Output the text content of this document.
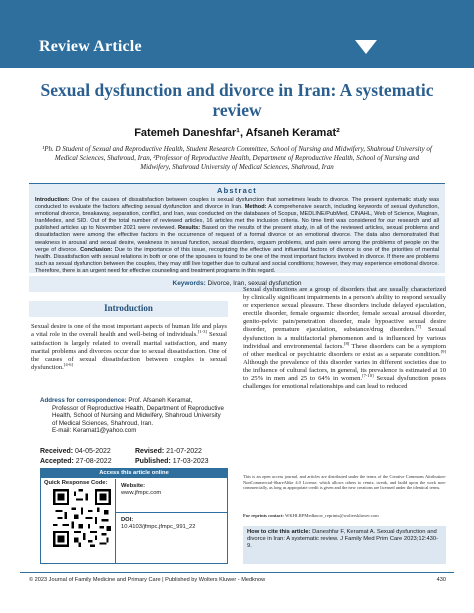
Review Article
Sexual dysfunction and divorce in Iran: A systematic review
Fatemeh Daneshfar¹, Afsaneh Keramat²
¹Ph. D Student of Sexual and Reproductive Health, Student Research Committee, School of Nursing and Midwifery, Shahroud University of Medical Sciences, Shahroud, Iran, ²Professor of Reproductive Health, Department of Reproductive Health, School of Nursing and Midwifery, Shahroud University of Medical Sciences, Shahroud, Iran
Abstract
Introduction: One of the causes of dissatisfaction between couples is sexual dysfunction that sometimes leads to divorce. The present systematic study was conducted to evaluate the factors affecting sexual dysfunction and divorce in Iran. Method: A comprehensive search, including keywords of sexual dysfunction, emotional divorce, breakaway, separation, conflict, and Iran, was conducted on the databases of Scopus, MEDLINE/PubMed, CINAHL, Web of Science, Magiran, IranMedex, and SID. Out of the total number of reviewed articles, 16 articles met the inclusion criteria. No time limit was considered for our research and all published articles up to November 2021 were reviewed. Results: Based on the results of the present study, in all of the reviewed articles, sexual problems and dissatisfaction were among the effective factors in the occurrence of request of a formal divorce or an emotional divorce. The data also demonstrated that weakness in arousal and sexual desire, weakness in sexual function, sexual disorders, orgasm problems, and pain were among the problems of people on the verge of divorce. Conclusion: Due to the importance of this issue, recognizing the effective and influential factors of divorce is one of the priorities of mental health. Dissatisfaction with sexual relations in both or one of the spouses is found to be one of the most important factors involved in divorce. If there are problems such as sexual dysfunction between the couples, they may still live together due to cultural and social conditions; however, they may experience emotional divorce. Therefore, there is an urgent need for effective counseling and treatment programs in this regard.
Keywords: Divorce, Iran, sexual dysfunction
Introduction
Sexual desire is one of the most important aspects of human life and plays a vital role in the overall health and well-being of individuals.[1-3] Sexual satisfaction is largely related to overall marital satisfaction, and many marital problems and divorces occur due to sexual dissatisfaction. One of the causes of sexual dissatisfaction between couples is sexual dysfunction.[4-6]
Sexual dysfunctions are a group of disorders that are usually characterized by clinically significant impairments in a person's ability to respond sexually or experience sexual pleasure. These disorders include delayed ejaculation, erectile disorder, female orgasmic disorder, female sexual arousal disorder, genito-pelvic pain/penetration disorder, male hypoactive sexual desire disorder, premature ejaculation, substance/drug disorders.[7] Sexual dysfunction is a multifactorial phenomenon and is influenced by various individual and environmental factors.[8] These disorders can be a symptom of other medical or psychiatric disorders or exist as a separate condition.[9] Although the prevalence of this disorder varies in different societies due to the influence of cultural factors, in general, its prevalence is estimated at 10 to 25% in men and 25 to 64% in women.[7-10] Sexual dysfunction poses challenges for emotional relationships and can lead to reduced
Address for correspondence: Prof. Afsaneh Keramat,
Professor of Reproductive Health, Department of Reproductive Health, School of Nursing and Midwifery, Shahroud University of Medical Sciences, Shahroud, Iran.
E-mail: Keramat1@yahoo.com
Received: 04-05-2022	Revised: 21-07-2022
Accepted: 27-08-2022	Published: 17-03-2023
Access this article online
Quick Response Code: Website:
www.jfmpc.com
DOI:
10.4103/jfmpc.jfmpc_991_22
This is an open access journal, and articles are distributed under the terms of the Creative Commons Attribution-NonCommercial-ShareAlike 4.0 License, which allows others to remix, tweak, and build upon the work non-commercially, as long as appropriate credit is given and the new creations are licensed under the identical terms.
For reprints contact: WKHLRPMedknow_reprints@wolterskluwer.com
How to cite this article: Daneshfar F, Keramat A. Sexual dysfunction and divorce in Iran: A systematic review. J Family Med Prim Care 2023;12:430-9.
© 2023 Journal of Family Medicine and Primary Care | Published by Wolters Kluwer - Medknow	430
